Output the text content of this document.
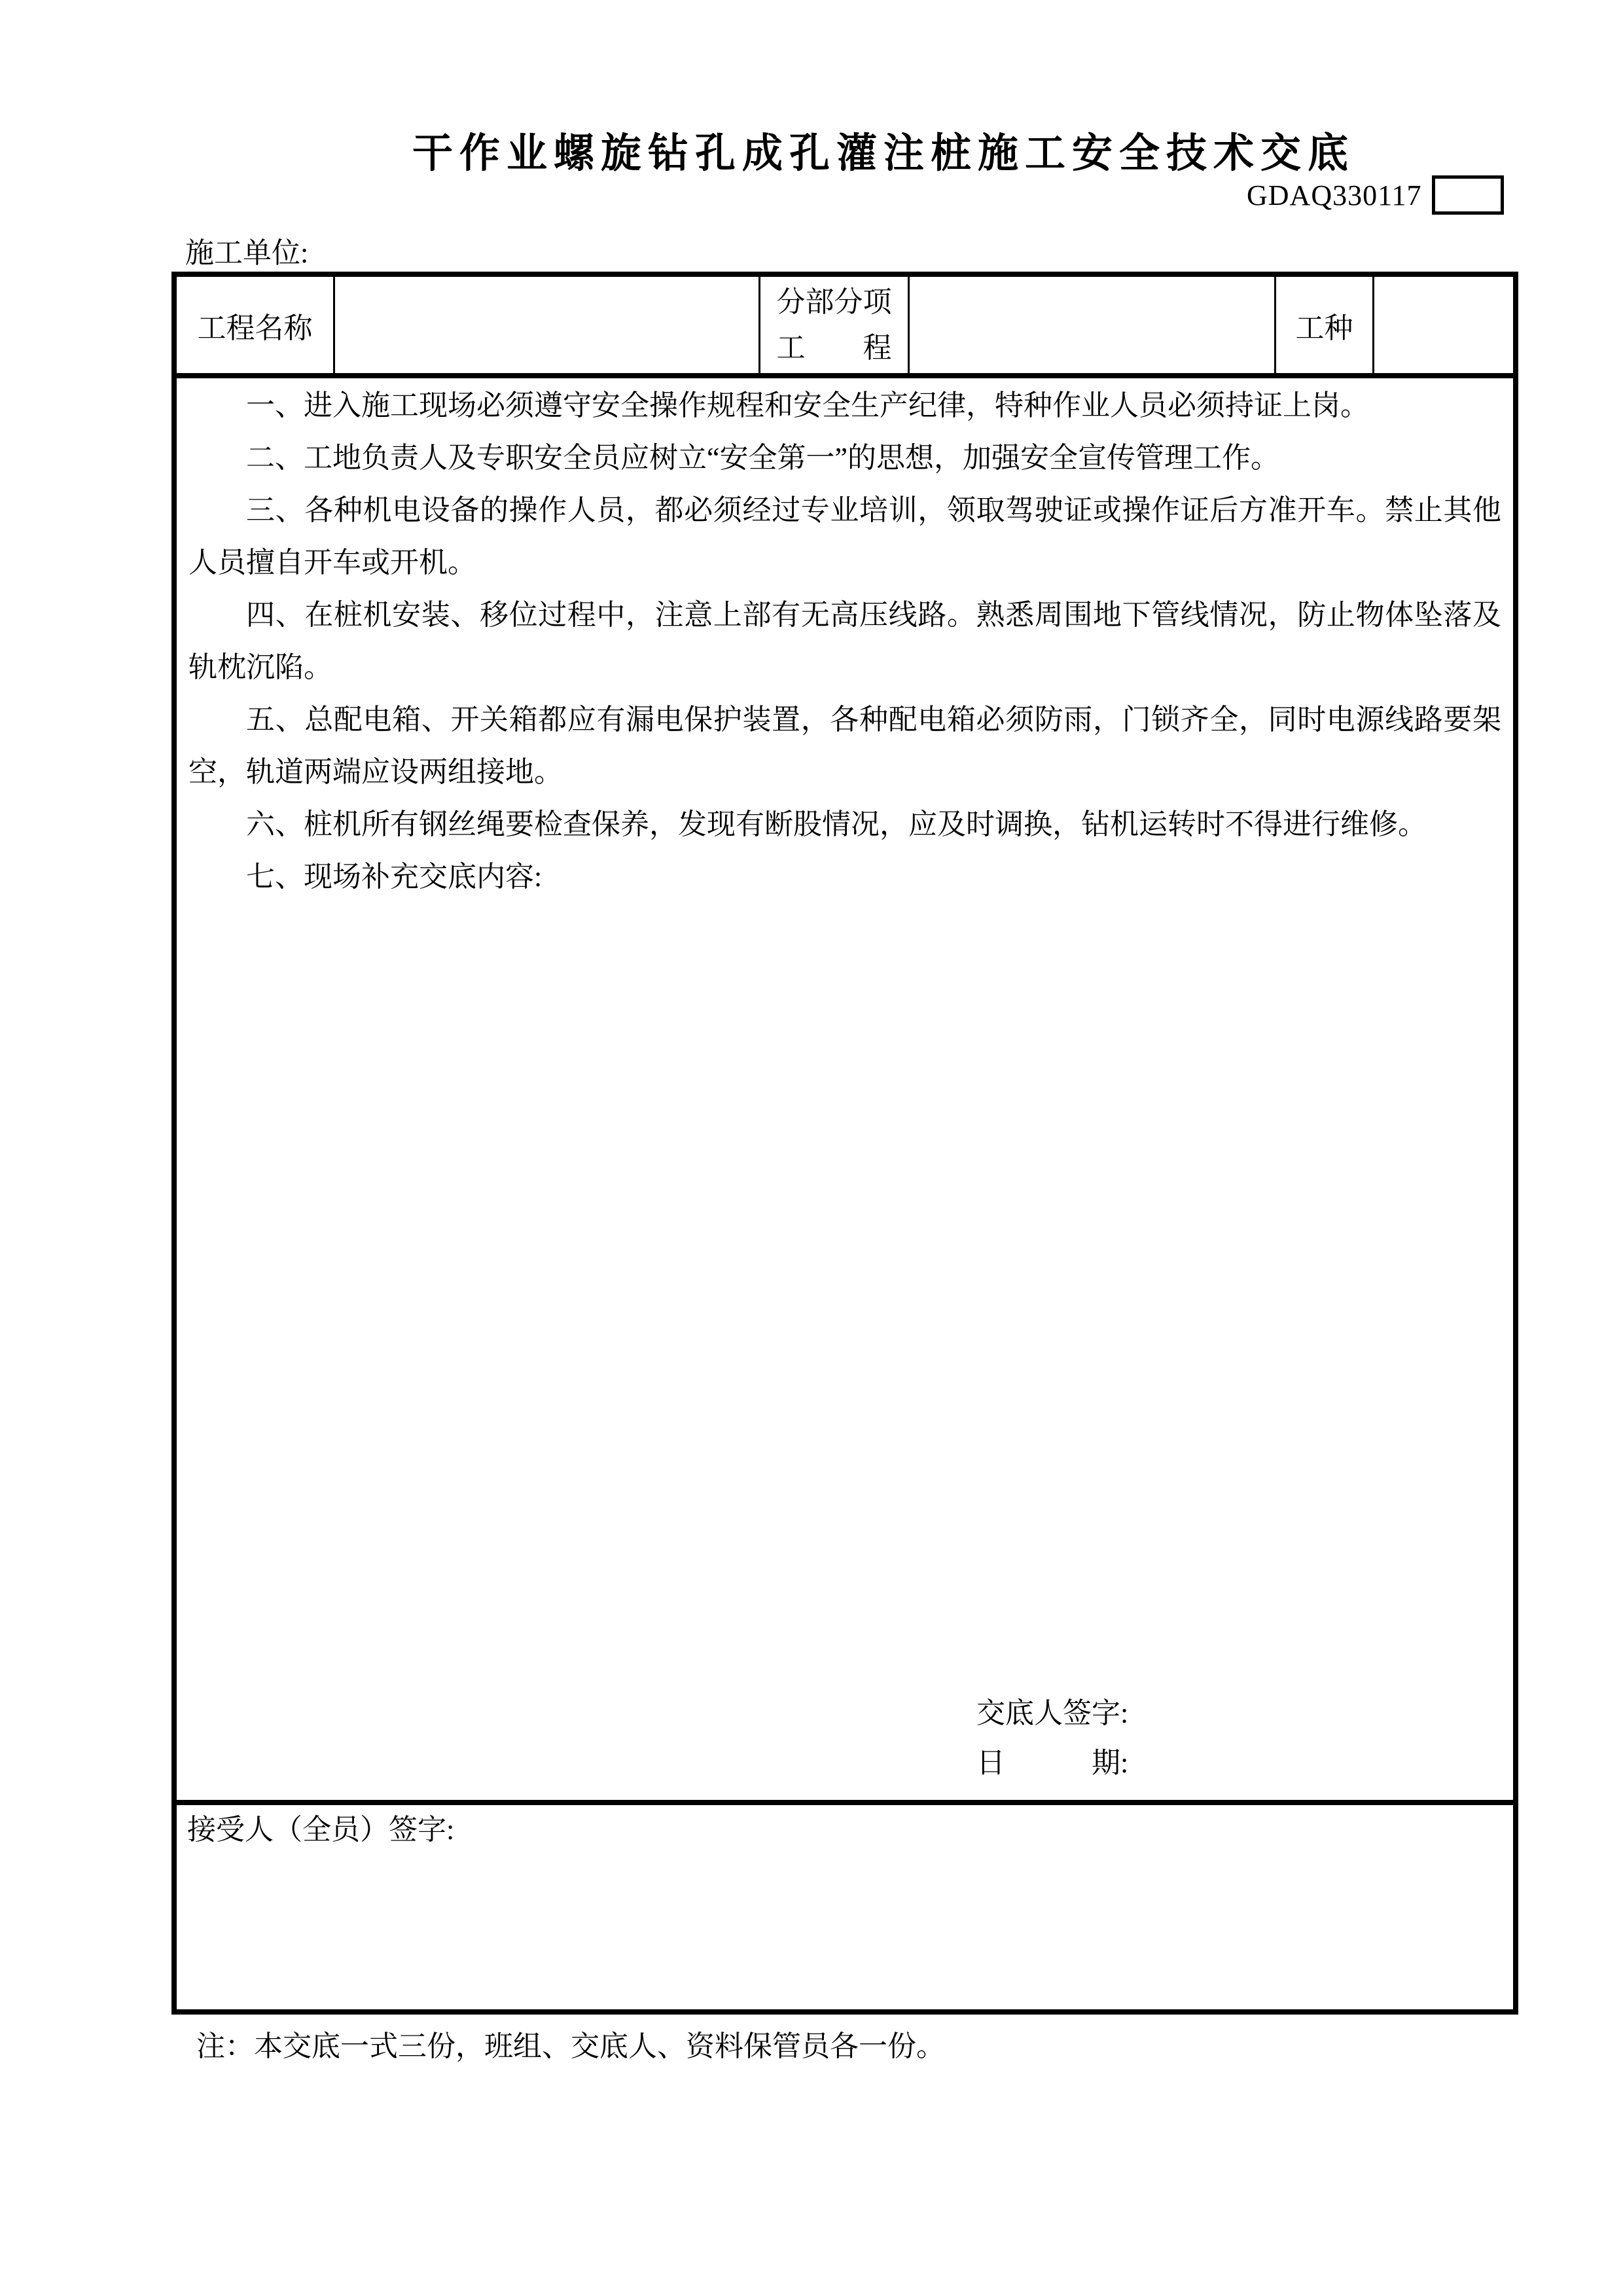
干作业螺旋钻孔成孔灌注桩施工安全技术交底
GDAQ330117
施工单位:
工程名称
分部分项
工　　程
工种

一、进入施工现场必须遵守安全操作规程和安全生产纪律，特种作业人员必须持证上岗。

二、工地负责人及专职安全员应树立“安全第一”的思想，加强安全宣传管理工作。

三、各种机电设备的操作人员，都必须经过专业培训，领取驾驶证或操作证后方准开车。禁止其他人员擅自开车或开机。

四、在桩机安装、移位过程中，注意上部有无高压线路。熟悉周围地下管线情况，防止物体坠落及轨枕沉陷。

五、总配电箱、开关箱都应有漏电保护装置，各种配电箱必须防雨，门锁齐全，同时电源线路要架空，轨道两端应设两组接地。

六、桩机所有钢丝绳要检查保养，发现有断股情况，应及时调换，钻机运转时不得进行维修。

七、现场补充交底内容:

交底人签字:
日　　　期:
接受人（全员）签字:
注：本交底一式三份，班组、交底人、资料保管员各一份。
